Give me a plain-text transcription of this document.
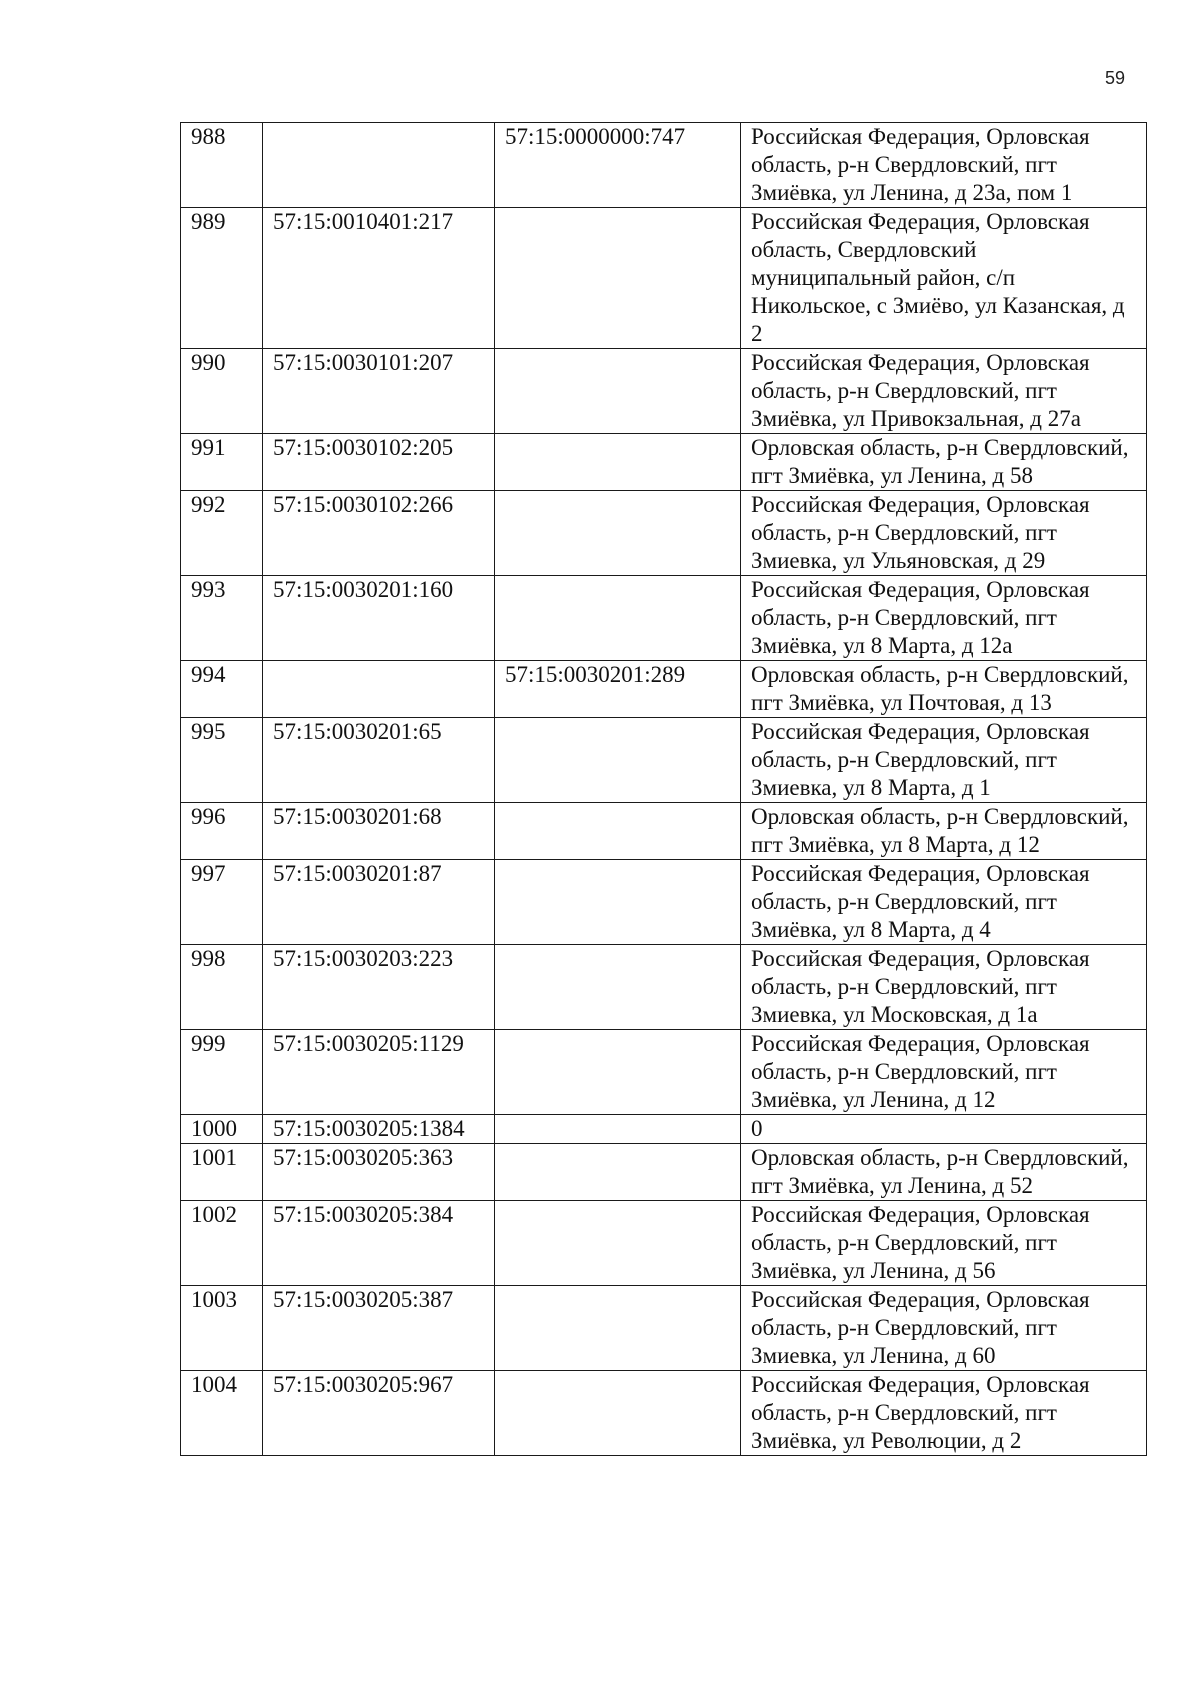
59
988		57:15:0000000:747	Российская Федерация, Орловская область, р-н Свердловский, пгт Змиёвка, ул Ленина, д 23а, пом 1
989	57:15:0010401:217		Российская Федерация, Орловская область, Свердловский муниципальный район, с/п Никольское, с Змиёво, ул Казанская, д 2
990	57:15:0030101:207		Российская Федерация, Орловская область, р-н Свердловский, пгт Змиёвка, ул Привокзальная, д 27а
991	57:15:0030102:205		Орловская область, р-н Свердловский, пгт Змиёвка, ул Ленина, д 58
992	57:15:0030102:266		Российская Федерация, Орловская область, р-н Свердловский, пгт Змиевка, ул Ульяновская, д 29
993	57:15:0030201:160		Российская Федерация, Орловская область, р-н Свердловский, пгт Змиёвка, ул 8 Марта, д 12а
994		57:15:0030201:289	Орловская область, р-н Свердловский, пгт Змиёвка, ул Почтовая, д 13
995	57:15:0030201:65		Российская Федерация, Орловская область, р-н Свердловский, пгт Змиевка, ул 8 Марта, д 1
996	57:15:0030201:68		Орловская область, р-н Свердловский, пгт Змиёвка, ул 8 Марта, д 12
997	57:15:0030201:87		Российская Федерация, Орловская область, р-н Свердловский, пгт Змиёвка, ул 8 Марта, д 4
998	57:15:0030203:223		Российская Федерация, Орловская область, р-н Свердловский, пгт Змиевка, ул Московская, д 1а
999	57:15:0030205:1129		Российская Федерация, Орловская область, р-н Свердловский, пгт Змиёвка, ул Ленина, д 12
1000	57:15:0030205:1384		0
1001	57:15:0030205:363		Орловская область, р-н Свердловский, пгт Змиёвка, ул Ленина, д 52
1002	57:15:0030205:384		Российская Федерация, Орловская область, р-н Свердловский, пгт Змиёвка, ул Ленина, д 56
1003	57:15:0030205:387		Российская Федерация, Орловская область, р-н Свердловский, пгт Змиевка, ул Ленина, д 60
1004	57:15:0030205:967		Российская Федерация, Орловская область, р-н Свердловский, пгт Змиёвка, ул Революции, д 2
